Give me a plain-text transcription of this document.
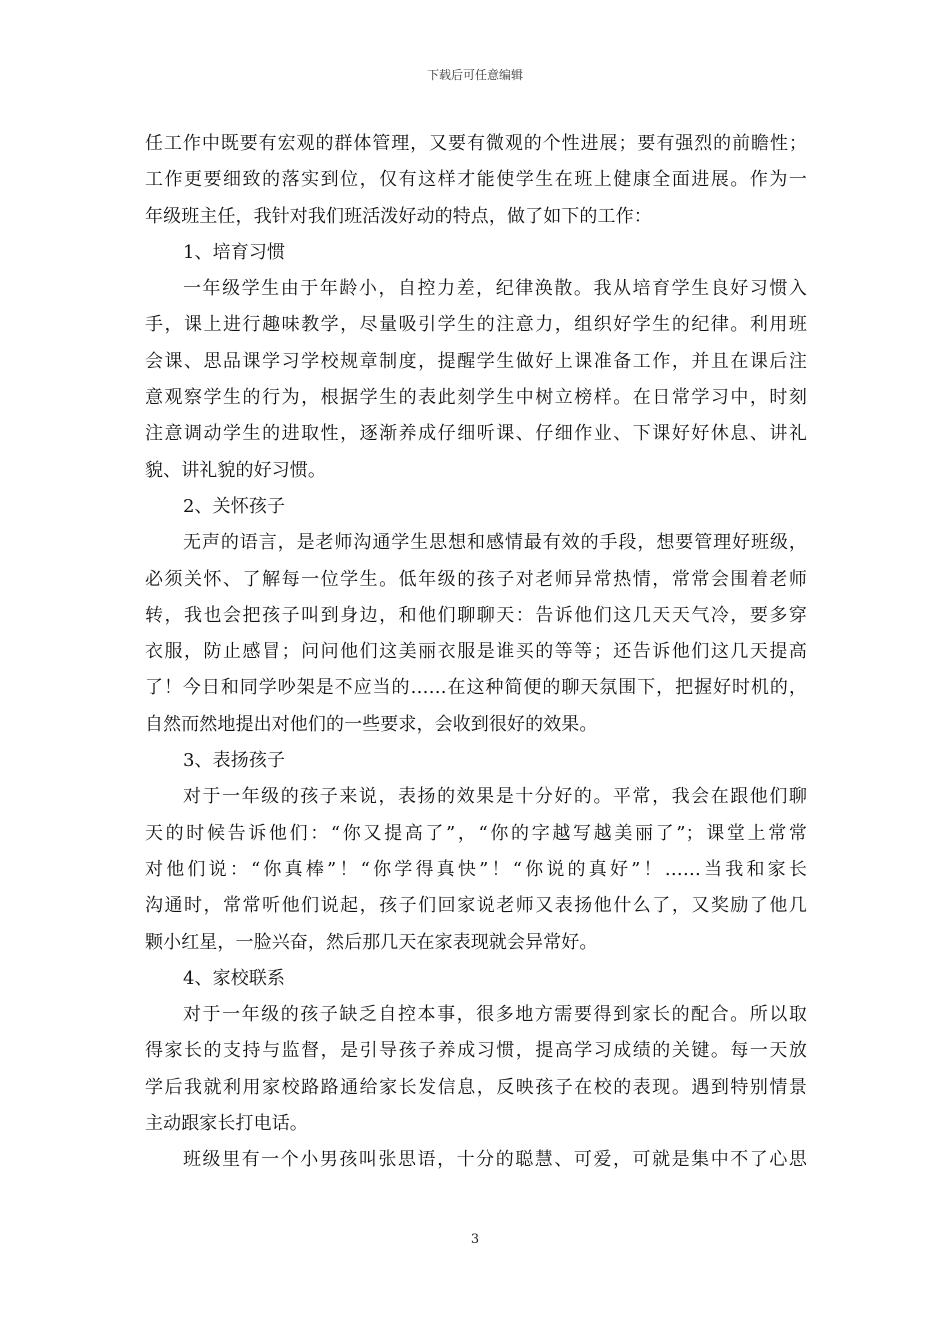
下载后可任意编辑
任工作中既要有宏观的群体管理，又要有微观的个性进展；要有强烈的前瞻性；
工作更要细致的落实到位，仅有这样才能使学生在班上健康全面进展。作为一
年级班主任，我针对我们班活泼好动的特点，做了如下的工作：
1、培育习惯
一年级学生由于年龄小，自控力差，纪律涣散。我从培育学生良好习惯入
手，课上进行趣味教学，尽量吸引学生的注意力，组织好学生的纪律。利用班
会课、思品课学习学校规章制度，提醒学生做好上课准备工作，并且在课后注
意观察学生的行为，根据学生的表此刻学生中树立榜样。在日常学习中，时刻
注意调动学生的进取性，逐渐养成仔细听课、仔细作业、下课好好休息、讲礼
貌、讲礼貌的好习惯。
2、关怀孩子
无声的语言，是老师沟通学生思想和感情最有效的手段，想要管理好班级，
必须关怀、了解每一位学生。低年级的孩子对老师异常热情，常常会围着老师
转，我也会把孩子叫到身边，和他们聊聊天：告诉他们这几天天气冷，要多穿
衣服，防止感冒；问问他们这美丽衣服是谁买的等等；还告诉他们这几天提高
了！今日和同学吵架是不应当的……在这种简便的聊天氛围下，把握好时机的，
自然而然地提出对他们的一些要求，会收到很好的效果。
3、表扬孩子
对于一年级的孩子来说，表扬的效果是十分好的。平常，我会在跟他们聊
天的时候告诉他们：“你又提高了”，“你的字越写越美丽了”；课堂上常常
对他们说：“你真棒”！“你学得真快”！“你说的真好”！……当我和家长
沟通时，常常听他们说起，孩子们回家说老师又表扬他什么了，又奖励了他几
颗小红星，一脸兴奋，然后那几天在家表现就会异常好。
4、家校联系
对于一年级的孩子缺乏自控本事，很多地方需要得到家长的配合。所以取
得家长的支持与监督，是引导孩子养成习惯，提高学习成绩的关键。每一天放
学后我就利用家校路路通给家长发信息，反映孩子在校的表现。遇到特别情景
主动跟家长打电话。
班级里有一个小男孩叫张思语，十分的聪慧、可爱，可就是集中不了心思
3
